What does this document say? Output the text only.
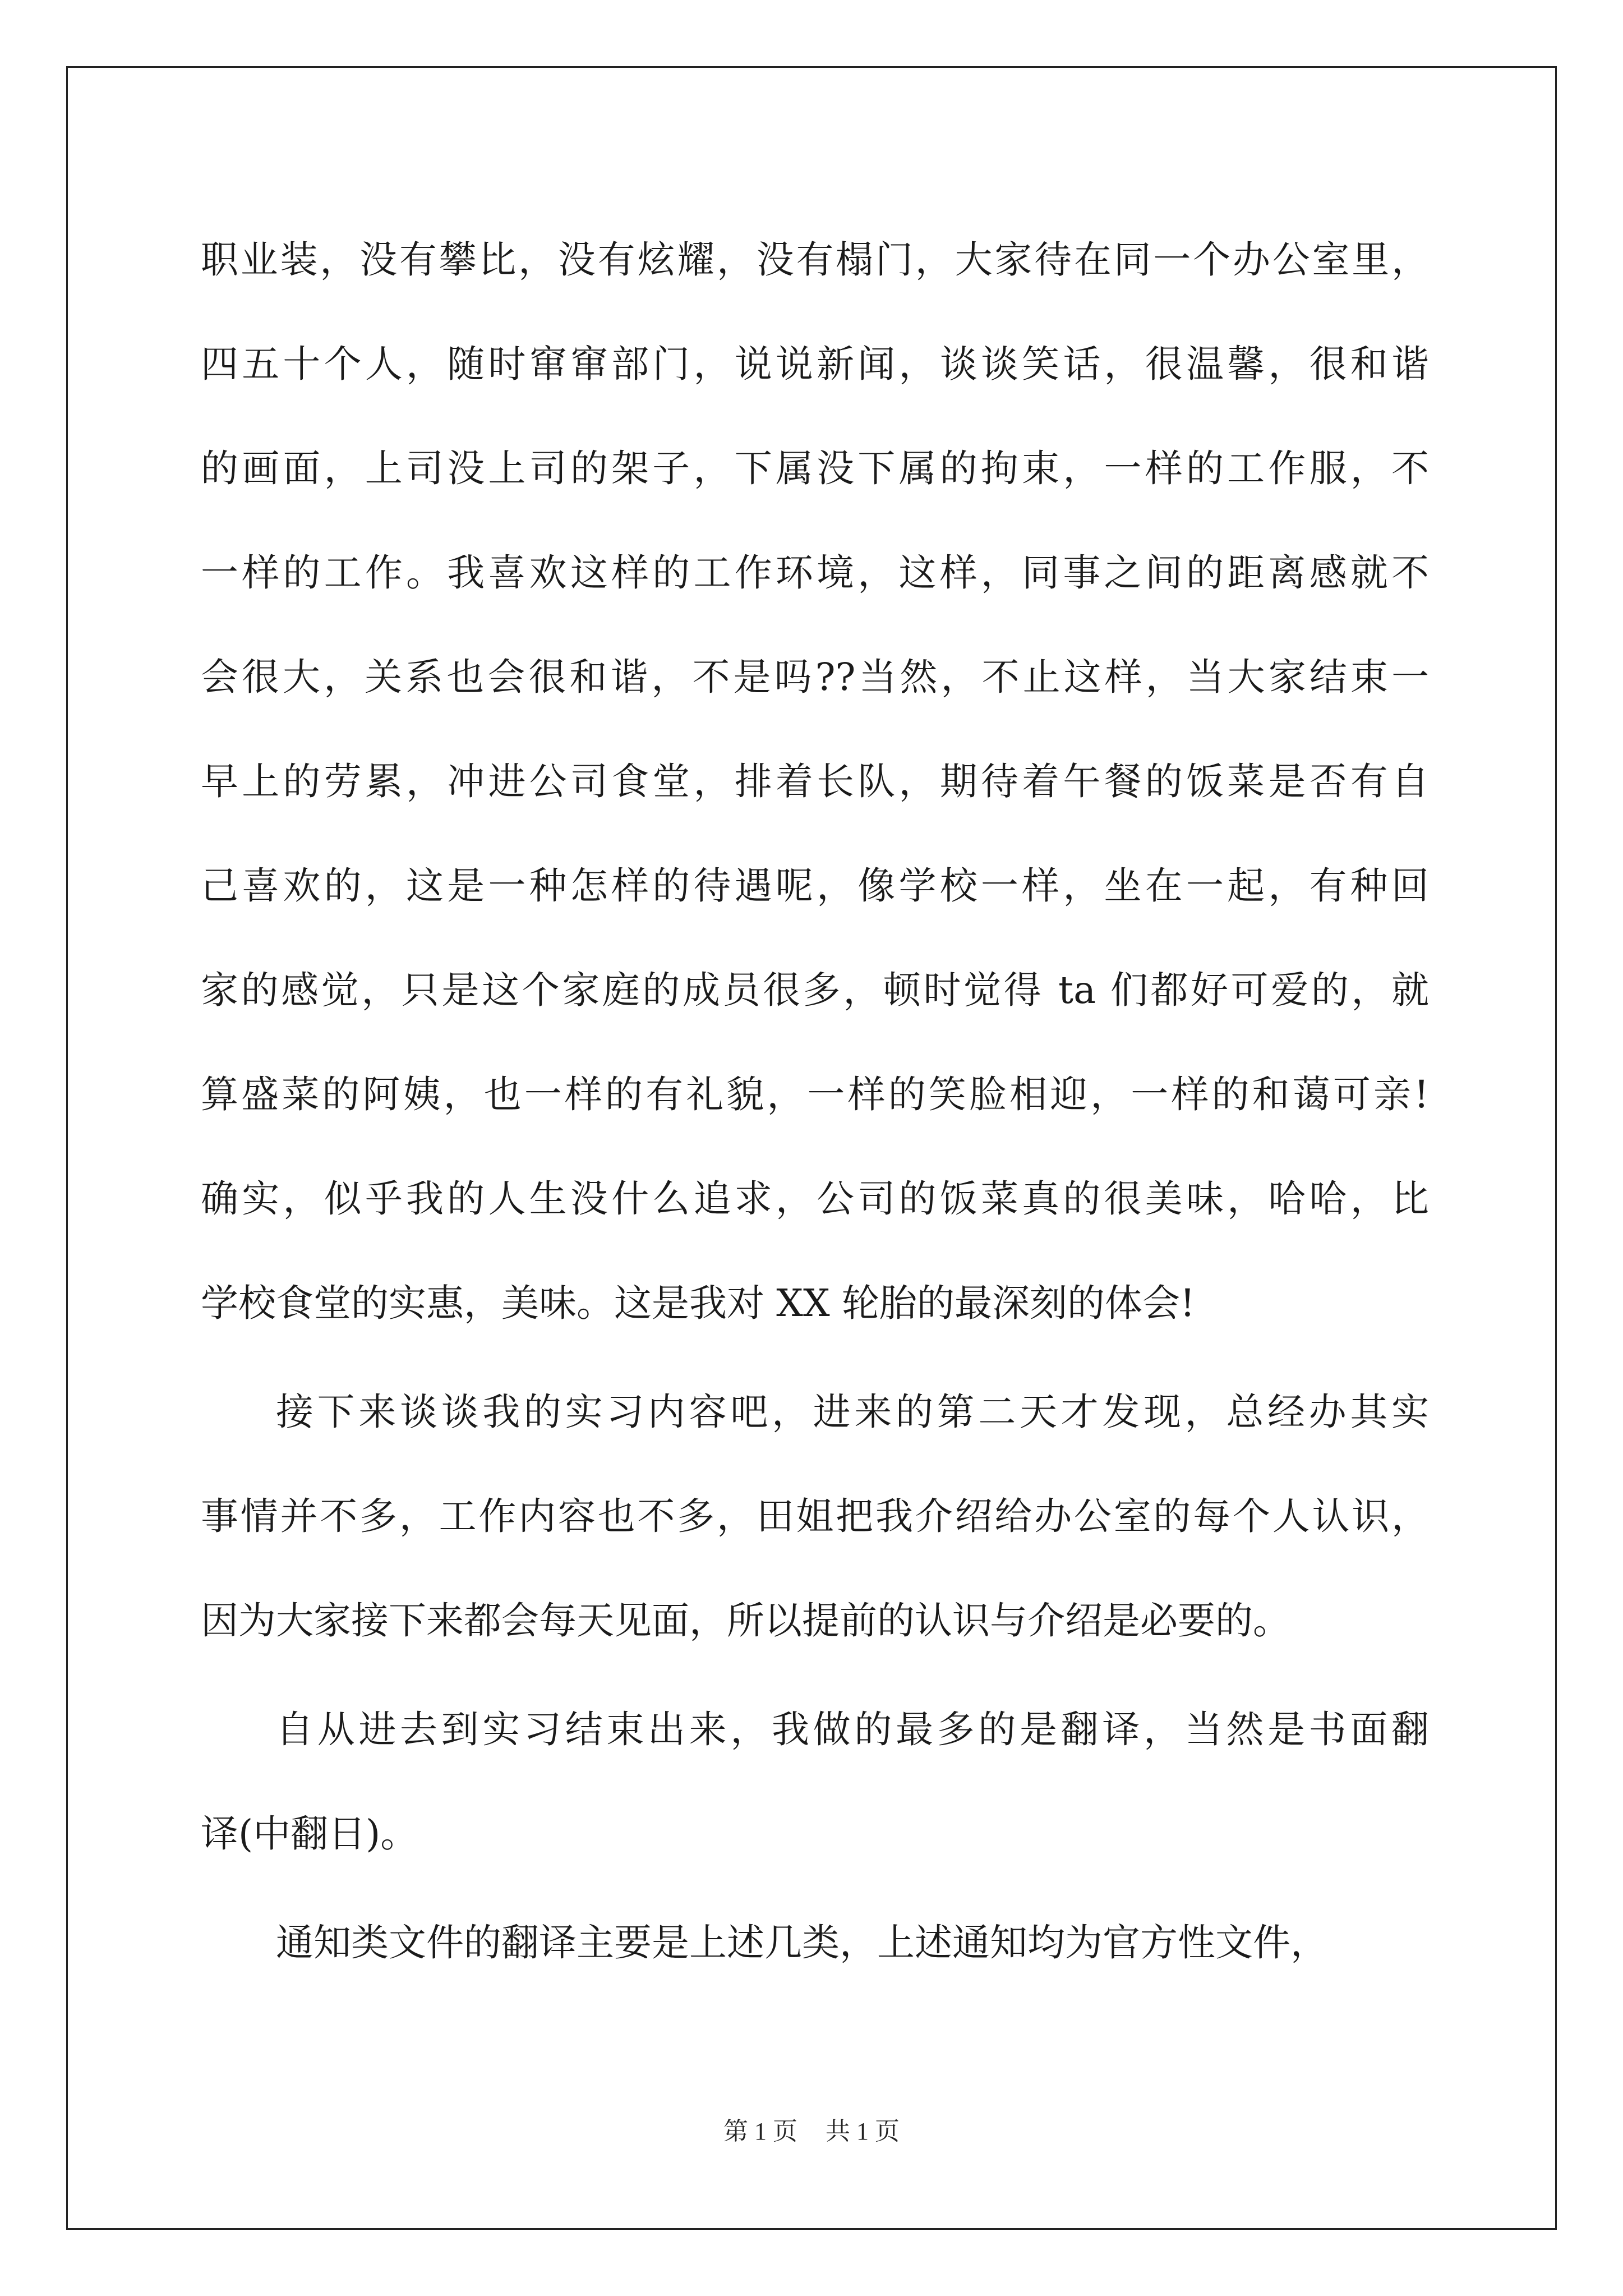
职业装，没有攀比，没有炫耀，没有榻门，大家待在同一个办公室里，
四五十个人，随时窜窜部门，说说新闻，谈谈笑话，很温馨，很和谐
的画面，上司没上司的架子，下属没下属的拘束，一样的工作服，不
一样的工作。我喜欢这样的工作环境，这样，同事之间的距离感就不
会很大，关系也会很和谐，不是吗??当然，不止这样，当大家结束一
早上的劳累，冲进公司食堂，排着长队，期待着午餐的饭菜是否有自
己喜欢的，这是一种怎样的待遇呢，像学校一样，坐在一起，有种回
家的感觉，只是这个家庭的成员很多，顿时觉得 ta 们都好可爱的，就
算盛菜的阿姨，也一样的有礼貌，一样的笑脸相迎，一样的和蔼可亲!
确实，似乎我的人生没什么追求，公司的饭菜真的很美味，哈哈，比
学校食堂的实惠，美味。这是我对 XX 轮胎的最深刻的体会!
接下来谈谈我的实习内容吧，进来的第二天才发现，总经办其实
事情并不多，工作内容也不多，田姐把我介绍给办公室的每个人认识，
因为大家接下来都会每天见面，所以提前的认识与介绍是必要的。
自从进去到实习结束出来，我做的最多的是翻译，当然是书面翻
译(中翻日)。
通知类文件的翻译主要是上述几类，上述通知均为官方性文件，
第 1 页 共 1 页
